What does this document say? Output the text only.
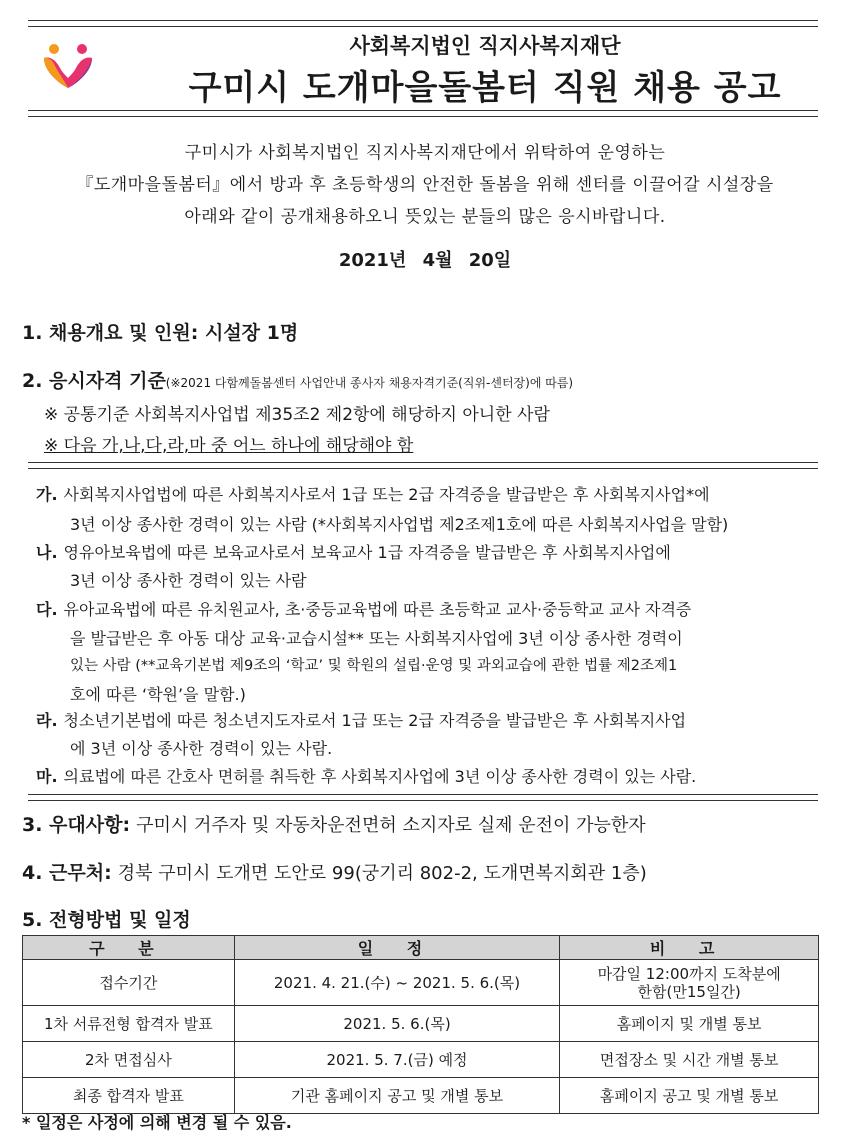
사회복지법인 직지사복지재단
구미시 도개마을돌봄터 직원 채용 공고
구미시가 사회복지법인 직지사복지재단에서 위탁하여 운영하는
『도개마을돌봄터』에서 방과 후 초등학생의 안전한 돌봄을 위해 센터를 이끌어갈 시설장을
아래와 같이 공개채용하오니 뜻있는 분들의 많은 응시바랍니다.
2021년 4월 20일
1. 채용개요 및 인원: 시설장 1명
2. 응시자격 기준(※2021 다함께돌봄센터 사업안내 종사자 채용자격기준(직위-센터장)에 따름)
※ 공통기준 사회복지사업법 제35조2 제2항에 해당하지 아니한 사람
※ 다음 가,나,다,라,마 중 어느 하나에 해당해야 함
가. 사회복지사업법에 따른 사회복지사로서 1급 또는 2급 자격증을 발급받은 후 사회복지사업*에
3년 이상 종사한 경력이 있는 사람 (*사회복지사업법 제2조제1호에 따른 사회복지사업을 말함)
나. 영유아보육법에 따른 보육교사로서 보육교사 1급 자격증을 발급받은 후 사회복지사업에
3년 이상 종사한 경력이 있는 사람
다. 유아교육법에 따른 유치원교사, 초·중등교육법에 따른 초등학교 교사·중등학교 교사 자격증
을 발급받은 후 아동 대상 교육·교습시설** 또는 사회복지사업에 3년 이상 종사한 경력이
있는 사람 (**교육기본법 제9조의 ‘학교’ 및 학원의 설립·운영 및 과외교습에 관한 법률 제2조제1
호에 따른 ‘학원’을 말함.)
라. 청소년기본법에 따른 청소년지도자로서 1급 또는 2급 자격증을 발급받은 후 사회복지사업
에 3년 이상 종사한 경력이 있는 사람.
마. 의료법에 따른 간호사 면허를 취득한 후 사회복지사업에 3년 이상 종사한 경력이 있는 사람.
3. 우대사항: 구미시 거주자 및 자동차운전면허 소지자로 실제 운전이 가능한자
4. 근무처: 경북 구미시 도개면 도안로 99(궁기리 802-2, 도개면복지회관 1층)
5. 전형방법 및 일정
구 분	일 정	비 고
접수기간	2021. 4. 21.(수) ~ 2021. 5. 6.(목)	마감일 12:00까지 도착분에
한함(만15일간)
1차 서류전형 합격자 발표	2021. 5. 6.(목)	홈페이지 및 개별 통보
2차 면접심사	2021. 5. 7.(금) 예정	면접장소 및 시간 개별 통보
최종 합격자 발표	기관 홈페이지 공고 및 개별 통보	홈페이지 공고 및 개별 통보
* 일정은 사정에 의해 변경 될 수 있음.
